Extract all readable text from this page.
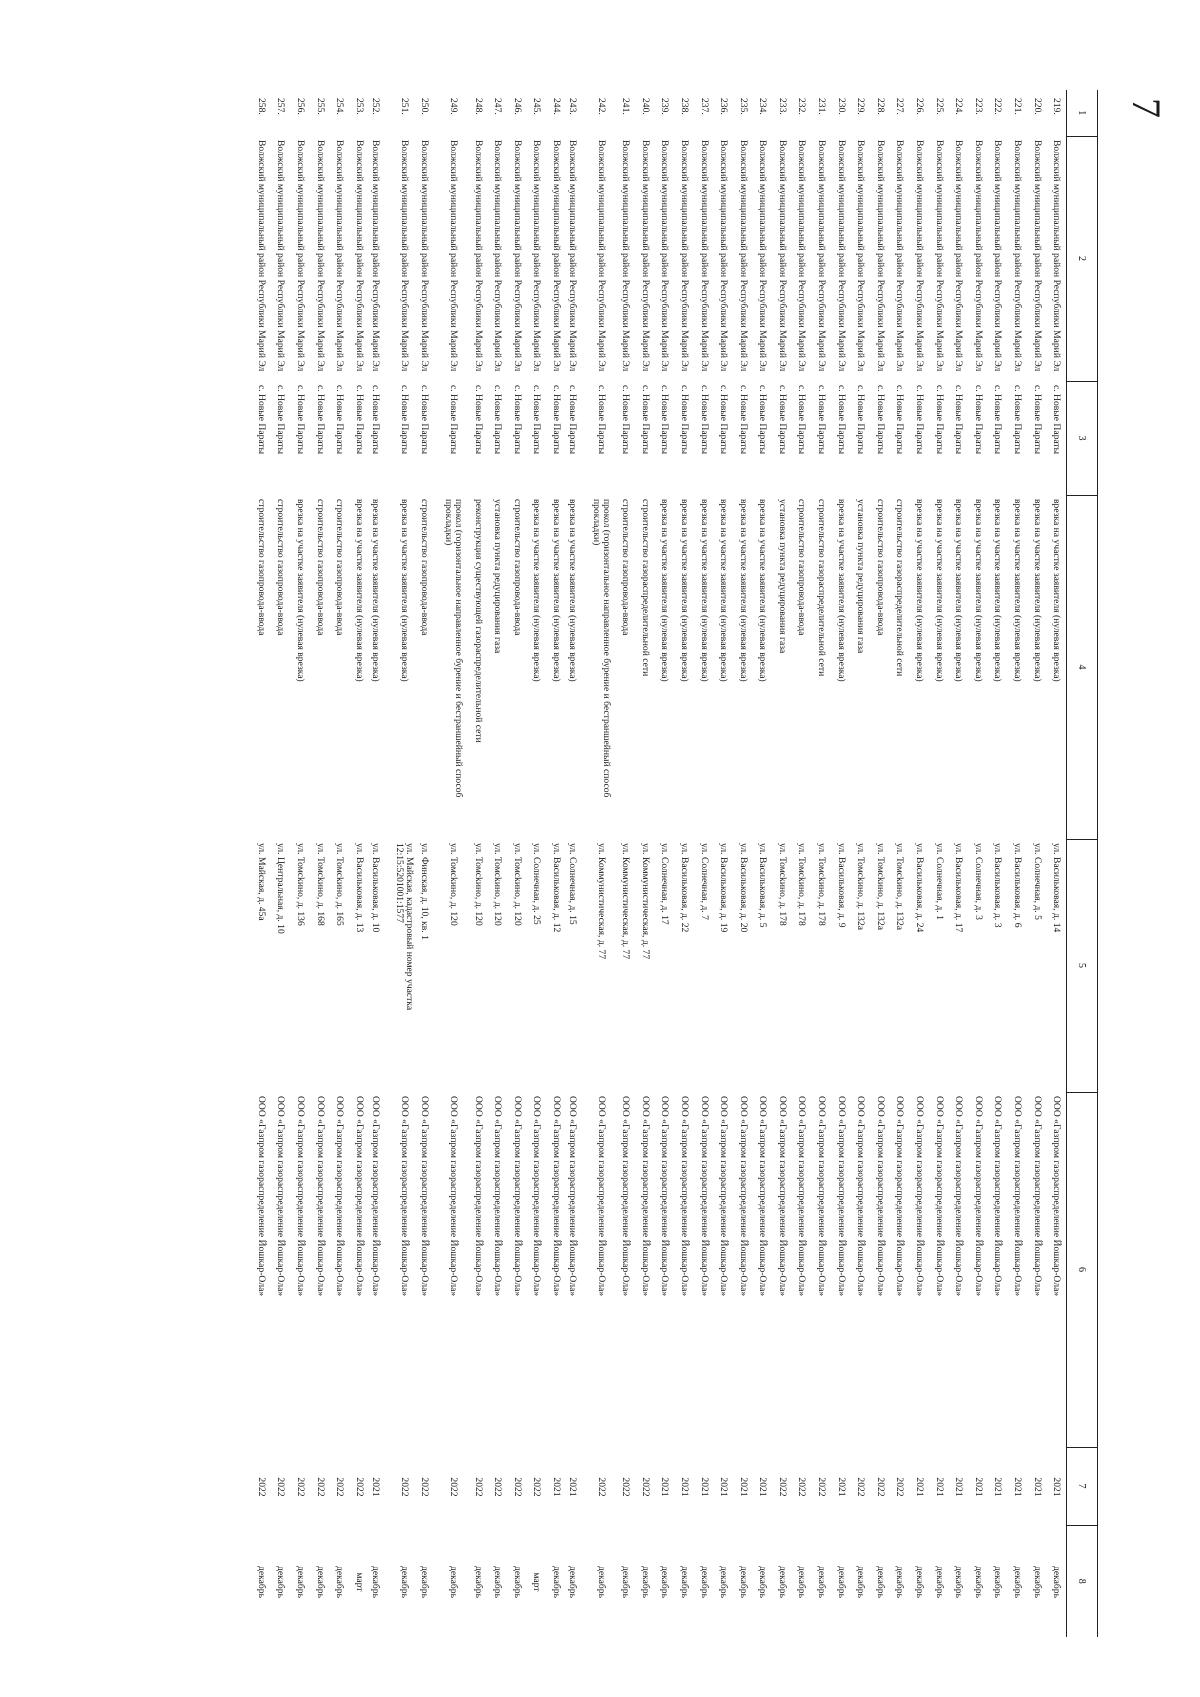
7
1	2	3	4	5	6	7	8
219.	Волжский муниципальный район Республики Марий Эл	с. Новые Параты	врезка на участке заявителя (нулевая врезка)	ул. Васильковая, д. 14	ООО «Газпром газораспределение Йошкар-Ола»	2021	декабрь
220.	Волжский муниципальный район Республики Марий Эл	с. Новые Параты	врезка на участке заявителя (нулевая врезка)	ул. Солнечная, д. 5	ООО «Газпром газораспределение Йошкар-Ола»	2021	декабрь
221.	Волжский муниципальный район Республики Марий Эл	с. Новые Параты	врезка на участке заявителя (нулевая врезка)	ул. Васильковая, д. 6	ООО «Газпром газораспределение Йошкар-Ола»	2021	декабрь
222.	Волжский муниципальный район Республики Марий Эл	с. Новые Параты	врезка на участке заявителя (нулевая врезка)	ул. Васильковая, д. 3	ООО «Газпром газораспределение Йошкар-Ола»	2021	декабрь
223.	Волжский муниципальный район Республики Марий Эл	с. Новые Параты	врезка на участке заявителя (нулевая врезка)	ул. Солнечная, д. 3	ООО «Газпром газораспределение Йошкар-Ола»	2021	декабрь
224.	Волжский муниципальный район Республики Марий Эл	с. Новые Параты	врезка на участке заявителя (нулевая врезка)	ул. Васильковая, д. 17	ООО «Газпром газораспределение Йошкар-Ола»	2021	декабрь
225.	Волжский муниципальный район Республики Марий Эл	с. Новые Параты	врезка на участке заявителя (нулевая врезка)	ул. Солнечная, д. 1	ООО «Газпром газораспределение Йошкар-Ола»	2021	декабрь
226.	Волжский муниципальный район Республики Марий Эл	с. Новые Параты	врезка на участке заявителя (нулевая врезка)	ул. Васильковая, д. 24	ООО «Газпром газораспределение Йошкар-Ола»	2021	декабрь
227.	Волжский муниципальный район Республики Марий Эл	с. Новые Параты	строительство газораспределительной сети	ул. Томсkино, д. 132а	ООО «Газпром газораспределение Йошкар-Ола»	2022	декабрь
228.	Волжский муниципальный район Республики Марий Эл	с. Новые Параты	строительство газопровода-ввода	ул. Томсkино, д. 132а	ООО «Газпром газораспределение Йошкар-Ола»	2022	декабрь
229.	Волжский муниципальный район Республики Марий Эл	с. Новые Параты	установка пункта редуцирования газа	ул. Томсkино, д. 132а	ООО «Газпром газораспределение Йошкар-Ола»	2022	декабрь
230.	Волжский муниципальный район Республики Марий Эл	с. Новые Параты	врезка на участке заявителя (нулевая врезка)	ул. Васильковая, д. 9	ООО «Газпром газораспределение Йошкар-Ола»	2021	декабрь
231.	Волжский муниципальный район Республики Марий Эл	с. Новые Параты	строительство газораспределительной сети	ул. Томсkино, д. 178	ООО «Газпром газораспределение Йошкар-Ола»	2022	декабрь
232.	Волжский муниципальный район Республики Марий Эл	с. Новые Параты	строительство газопровода-ввода	ул. Томсkино, д. 178	ООО «Газпром газораспределение Йошкар-Ола»	2022	декабрь
233.	Волжский муниципальный район Республики Марий Эл	с. Новые Параты	установка пункта редуцирования газа	ул. Томсkино, д. 178	ООО «Газпром газораспределение Йошкар-Ола»	2022	декабрь
234.	Волжский муниципальный район Республики Марий Эл	с. Новые Параты	врезка на участке заявителя (нулевая врезка)	ул. Васильковая, д. 5	ООО «Газпром газораспределение Йошкар-Ола»	2021	декабрь
235.	Волжский муниципальный район Республики Марий Эл	с. Новые Параты	врезка на участке заявителя (нулевая врезка)	ул. Васильковая, д. 20	ООО «Газпром газораспределение Йошкар-Ола»	2021	декабрь
236.	Волжский муниципальный район Республики Марий Эл	с. Новые Параты	врезка на участке заявителя (нулевая врезка)	ул. Васильковая, д. 19	ООО «Газпром газораспределение Йошкар-Ола»	2021	декабрь
237.	Волжский муниципальный район Республики Марий Эл	с. Новые Параты	врезка на участке заявителя (нулевая врезка)	ул. Солнечная, д. 7	ООО «Газпром газораспределение Йошкар-Ола»	2021	декабрь
238.	Волжский муниципальный район Республики Марий Эл	с. Новые Параты	врезка на участке заявителя (нулевая врезка)	ул. Васильковая, д. 22	ООО «Газпром газораспределение Йошкар-Ола»	2021	декабрь
239.	Волжский муниципальный район Республики Марий Эл	с. Новые Параты	врезка на участке заявителя (нулевая врезка)	ул. Солнечная, д. 17	ООО «Газпром газораспределение Йошкар-Ола»	2021	декабрь
240.	Волжский муниципальный район Республики Марий Эл	с. Новые Параты	строительство газораспределительной сети	ул. Коммунистическая, д. 77	ООО «Газпром газораспределение Йошкар-Ола»	2022	декабрь
241.	Волжский муниципальный район Республики Марий Эл	с. Новые Параты	строительство газопровода-ввода	ул. Коммунистическая, д. 77	ООО «Газпром газораспределение Йошкар-Ола»	2022	декабрь
242.	Волжский муниципальный район Республики Марий Эл	с. Новые Параты	прокол (горизонтальное направленное бурение и бестраншейный способ прокладки)	ул. Коммунистическая, д. 77	ООО «Газпром газораспределение Йошкар-Ола»	2022	декабрь
243.	Волжский муниципальный район Республики Марий Эл	с. Новые Параты	врезка на участке заявителя (нулевая врезка)	ул. Солнечная, д. 15	ООО «Газпром газораспределение Йошкар-Ола»	2021	декабрь
244.	Волжский муниципальный район Республики Марий Эл	с. Новые Параты	врезка на участке заявителя (нулевая врезка)	ул. Васильковая, д. 12	ООО «Газпром газораспределение Йошкар-Ола»	2021	декабрь
245.	Волжский муниципальный район Республики Марий Эл	с. Новые Параты	врезка на участке заявителя (нулевая врезка)	ул. Солнечная, д. 25	ООО «Газпром газораспределение Йошкар-Ола»	2022	март
246.	Волжский муниципальный район Республики Марий Эл	с. Новые Параты	строительство газопровода-ввода	ул. Томсkино, д. 120	ООО «Газпром газораспределение Йошкар-Ола»	2022	декабрь
247.	Волжский муниципальный район Республики Марий Эл	с. Новые Параты	установка пункта редуцирования газа	ул. Томсkино, д. 120	ООО «Газпром газораспределение Йошкар-Ола»	2022	декабрь
248.	Волжский муниципальный район Республики Марий Эл	с. Новые Параты	реконструкция существующей газораспределительной сети	ул. Томсkино, д. 120	ООО «Газпром газораспределение Йошкар-Ола»	2022	декабрь
249.	Волжский муниципальный район Республики Марий Эл	с. Новые Параты	прокол (горизонтальное направленное бурение и бестраншейный способ прокладки)	ул. Томсkино, д. 120	ООО «Газпром газораспределение Йошкар-Ола»	2022	декабрь
250.	Волжский муниципальный район Республики Марий Эл	с. Новые Параты	строительство газопровода-ввода	ул. Финская, д. 10, кв. 1	ООО «Газпром газораспределение Йошкар-Ола»	2022	декабрь
251.	Волжский муниципальный район Республики Марий Эл	с. Новые Параты	врезка на участке заявителя (нулевая врезка)	ул. Майская, кадастровый номер участка 12:15:5201001:1577	ООО «Газпром газораспределение Йошкар-Ола»	2022	декабрь
252.	Волжский муниципальный район Республики Марий Эл	с. Новые Параты	врезка на участке заявителя (нулевая врезка)	ул. Васильковая, д. 10	ООО «Газпром газораспределение Йошкар-Ола»	2021	декабрь
253.	Волжский муниципальный район Республики Марий Эл	с. Новые Параты	врезка на участке заявителя (нулевая врезка)	ул. Васильковая, д. 13	ООО «Газпром газораспределение Йошкар-Ола»	2022	март
254.	Волжский муниципальный район Республики Марий Эл	с. Новые Параты	строительство газопровода-ввода	ул. Томсkино, д. 165	ООО «Газпром газораспределение Йошкар-Ола»	2022	декабрь
255.	Волжский муниципальный район Республики Марий Эл	с. Новые Параты	строительство газопровода-ввода	ул. Томсkино, д. 168	ООО «Газпром газораспределение Йошкар-Ола»	2022	декабрь
256.	Волжский муниципальный район Республики Марий Эл	с. Новые Параты	врезка на участке заявителя (нулевая врезка)	ул. Томсkино, д. 136	ООО «Газпром газораспределение Йошкар-Ола»	2022	декабрь
257.	Волжский муниципальный район Республики Марий Эл	с. Новые Параты	строительство газопровода-ввода	ул. Центральная, д. 10	ООО «Газпром газораспределение Йошкар-Ола»	2022	декабрь
258.	Волжский муниципальный район Республики Марий Эл	с. Новые Параты	строительство газопровода-ввода	ул. Майская, д. 45а	ООО «Газпром газораспределение Йошкар-Ола»	2022	декабрь
